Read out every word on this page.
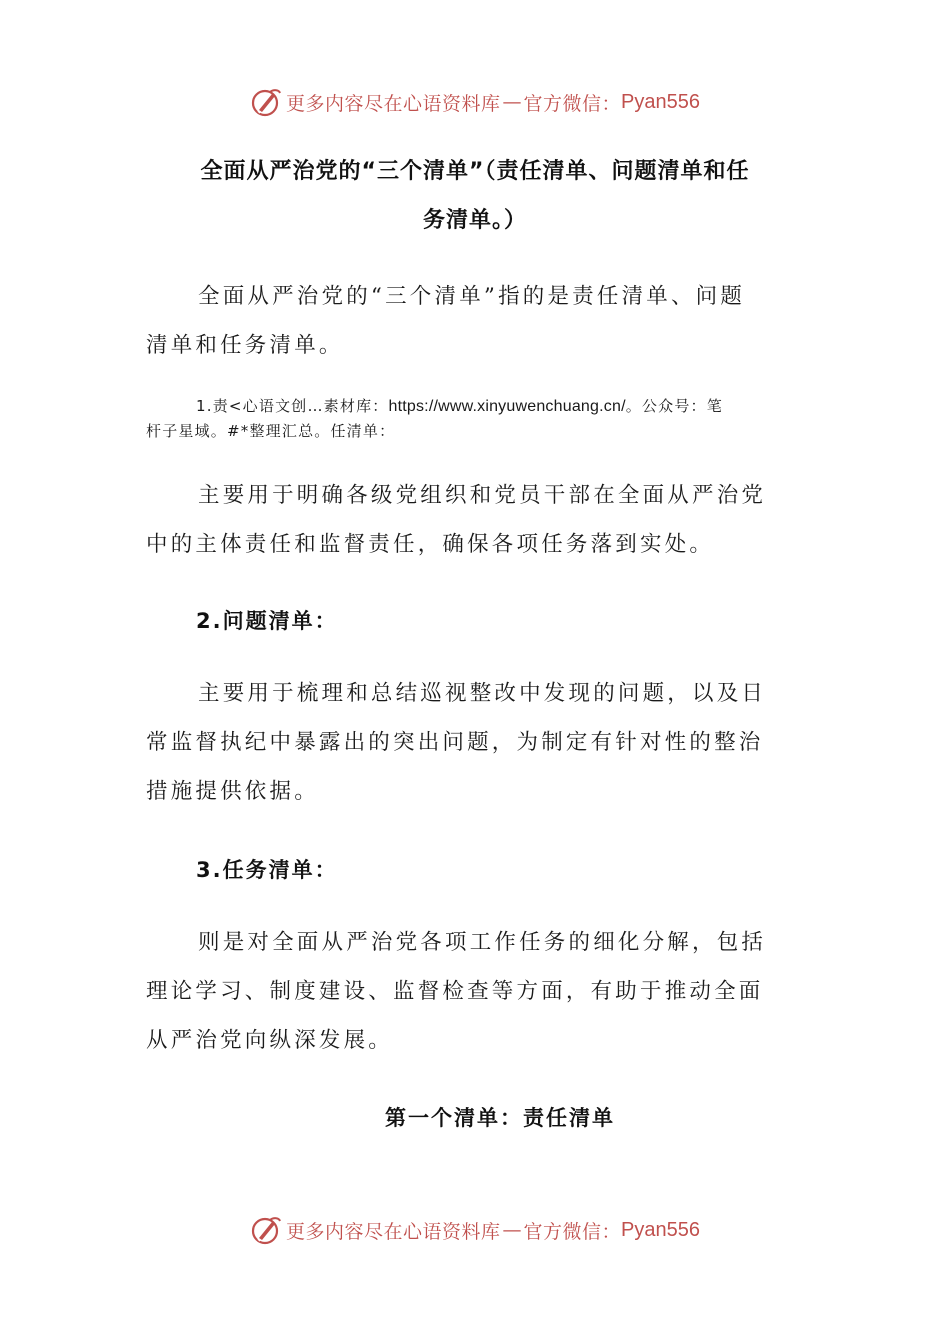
更多内容尽在心语资料库 — 官方微信： Pyan556
全面从严治党的“三个清单”（责任清单、问题清单和任
务清单。）
全面从严治党的“三个清单”指的是责任清单、问题
清单和任务清单。
1.责<心语文创…素材库：https://www.xinyuwenchuang.cn/。公众号：笔
杆子星域。#*整理汇总。任清单：
主要用于明确各级党组织和党员干部在全面从严治党
中的主体责任和监督责任，确保各项任务落到实处。
2.问题清单：
主要用于梳理和总结巡视整改中发现的问题，以及日
常监督执纪中暴露出的突出问题，为制定有针对性的整治
措施提供依据。
3.任务清单：
则是对全面从严治党各项工作任务的细化分解，包括
理论学习、制度建设、监督检查等方面，有助于推动全面
从严治党向纵深发展。
第一个清单：责任清单
更多内容尽在心语资料库 — 官方微信： Pyan556
